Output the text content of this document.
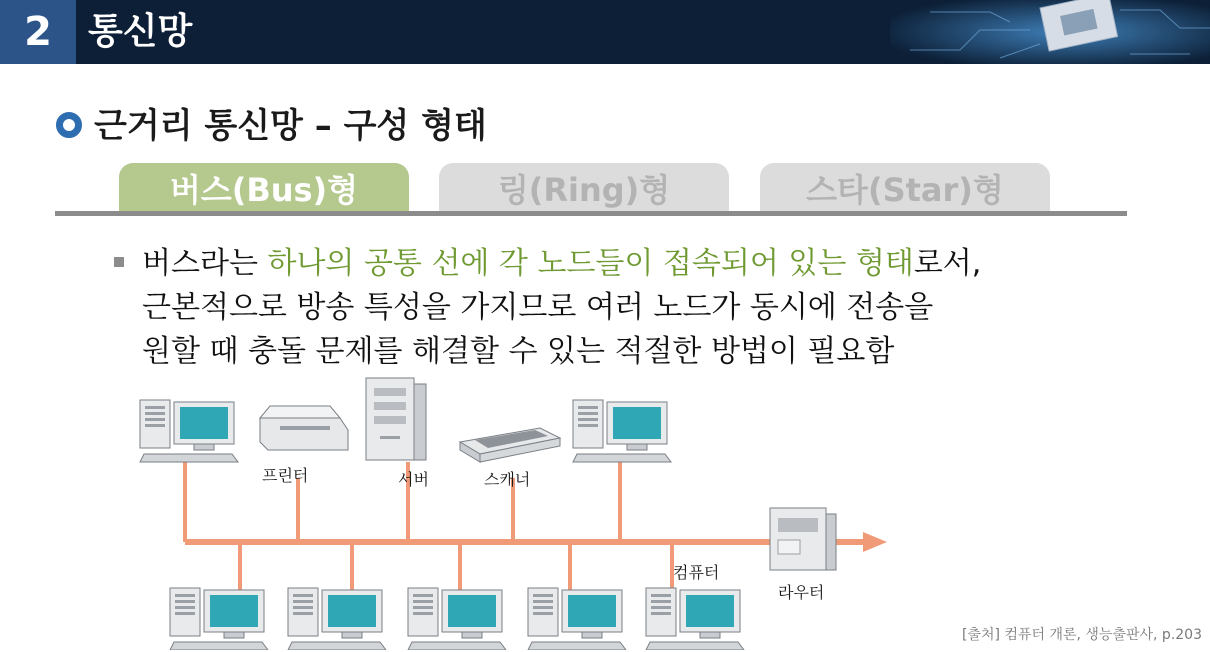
2	통신망
근거리 통신망 – 구성 형태
버스(Bus)형	링(Ring)형	스타(Star)형
버스라는 하나의 공통 선에 각 노드들이 접속되어 있는 형태로서,
근본적으로 방송 특성을 가지므로 여러 노드가 동시에 전송을
원할 때 충돌 문제를 해결할 수 있는 적절한 방법이 필요함
프린터	서버	스캐너
컴퓨터
라우터
[출처] 컴퓨터 개론, 생능출판사, p.203
